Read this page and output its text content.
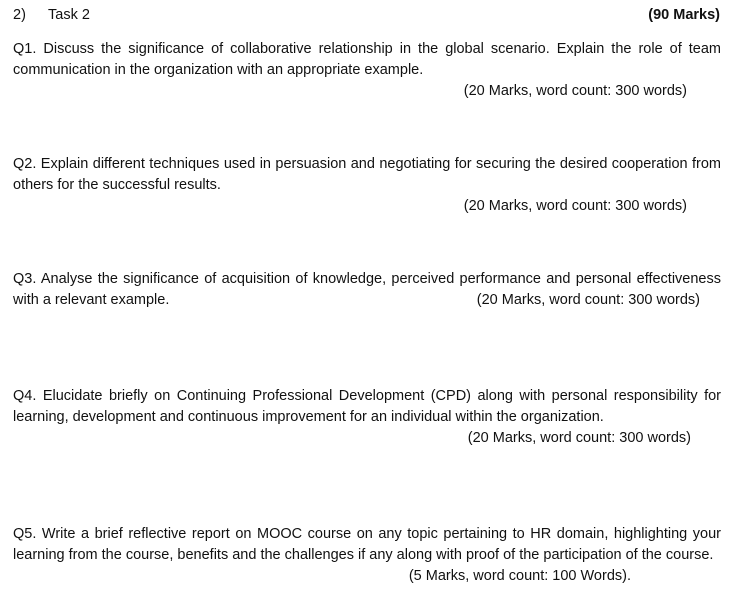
2) Task 2	(90 Marks)
Q1. Discuss the significance of collaborative relationship in the global scenario. Explain the role of team communication in the organization with an appropriate example.
(20 Marks, word count: 300 words)
Q2. Explain different techniques used in persuasion and negotiating for securing the desired cooperation from others for the successful results.
(20 Marks, word count: 300 words)
Q3. Analyse the significance of acquisition of knowledge, perceived performance and personal effectiveness with a relevant example.	(20 Marks, word count: 300 words)
Q4. Elucidate briefly on Continuing Professional Development (CPD) along with personal responsibility for learning, development and continuous improvement for an individual within the organization.
(20 Marks, word count: 300 words)
Q5. Write a brief reflective report on MOOC course on any topic pertaining to HR domain, highlighting your learning from the course, benefits and the challenges if any along with proof of the participation of the course.
(5 Marks, word count: 100 Words).
